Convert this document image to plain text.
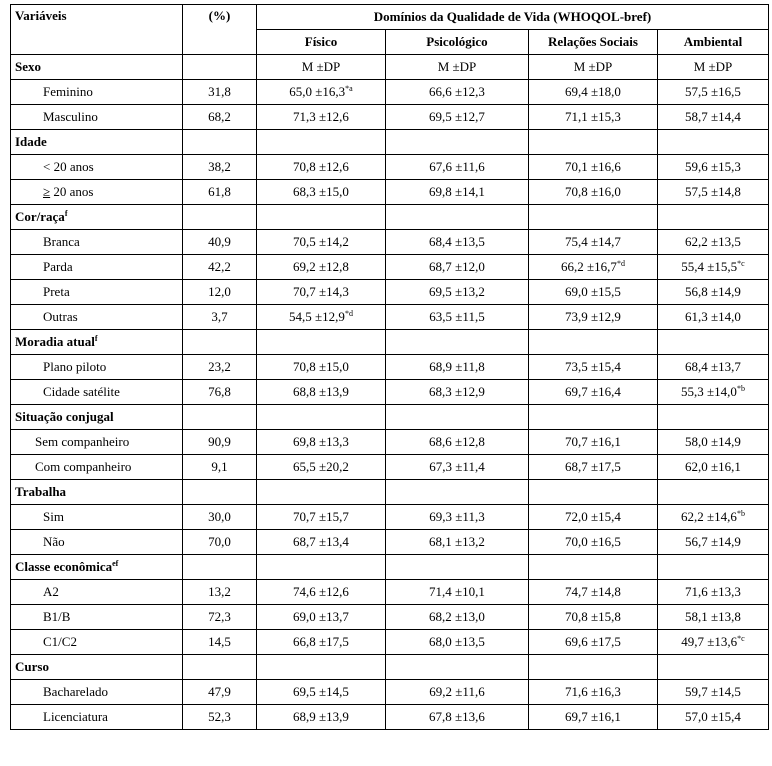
Variáveis	(%)	Domínios da Qualidade de Vida (WHOQOL-bref)			
		Físico	Psicológico	Relações Sociais	Ambiental
Sexo		M ±DP	M ±DP	M ±DP	M ±DP
Feminino	31,8	$65,0 \pm 16,3^{*a}$	66,6 ±12,3	69,4 ±18,0	57,5 ±16,5
Masculino	68,2	71,3 ±12,6	69,5 ±12,7	71,1 ±15,3	58,7 ±14,4
Idade					
< 20 anos	38,2	70,8 ±12,6	67,6 ±11,6	70,1 ±16,6	59,6 ±15,3
≥ 20 anos	61,8	68,3 ±15,0	69,8 ±14,1	70,8 ±16,0	57,5 ±14,8
Cor/raça$^f$					
Branca	40,9	70,5 ±14,2	68,4 ±13,5	75,4 ±14,7	62,2 ±13,5
Parda	42,2	69,2 ±12,8	68,7 ±12,0	$66,2 \pm 16,7^{*d}$	$55,4 \pm 15,5^{*c}$
Preta	12,0	70,7 ±14,3	69,5 ±13,2	69,0 ±15,5	56,8 ±14,9
Outras	3,7	$54,5 \pm 12,9^{*d}$	63,5 ±11,5	73,9 ±12,9	61,3 ±14,0
Moradia atual$^f$					
Plano piloto	23,2	70,8 ±15,0	68,9 ±11,8	73,5 ±15,4	68,4 ±13,7
Cidade satélite	76,8	68,8 ±13,9	68,3 ±12,9	69,7 ±16,4	$55,3 \pm 14,0^{*b}$
Situação conjugal					
Sem companheiro	90,9	69,8 ±13,3	68,6 ±12,8	70,7 ±16,1	58,0 ±14,9
Com companheiro	9,1	65,5 ±20,2	67,3 ±11,4	68,7 ±17,5	62,0 ±16,1
Trabalha					
Sim	30,0	70,7 ±15,7	69,3 ±11,3	72,0 ±15,4	$62,2 \pm 14,6^{*b}$
Não	70,0	68,7 ±13,4	68,1 ±13,2	70,0 ±16,5	56,7 ±14,9
Classe econômica$^{ef}$					
A2	13,2	74,6 ±12,6	71,4 ±10,1	74,7 ±14,8	71,6 ±13,3
B1/B	72,3	69,0 ±13,7	68,2 ±13,0	70,8 ±15,8	58,1 ±13,8
C1/C2	14,5	66,8 ±17,5	68,0 ±13,5	69,6 ±17,5	$49,7 \pm 13,6^{*c}$
Curso					
Bacharelado	47,9	69,5 ±14,5	69,2 ±11,6	71,6 ±16,3	59,7 ±14,5
Licenciatura	52,3	68,9 ±13,9	67,8 ±13,6	69,7 ±16,1	57,0 ±15,4
